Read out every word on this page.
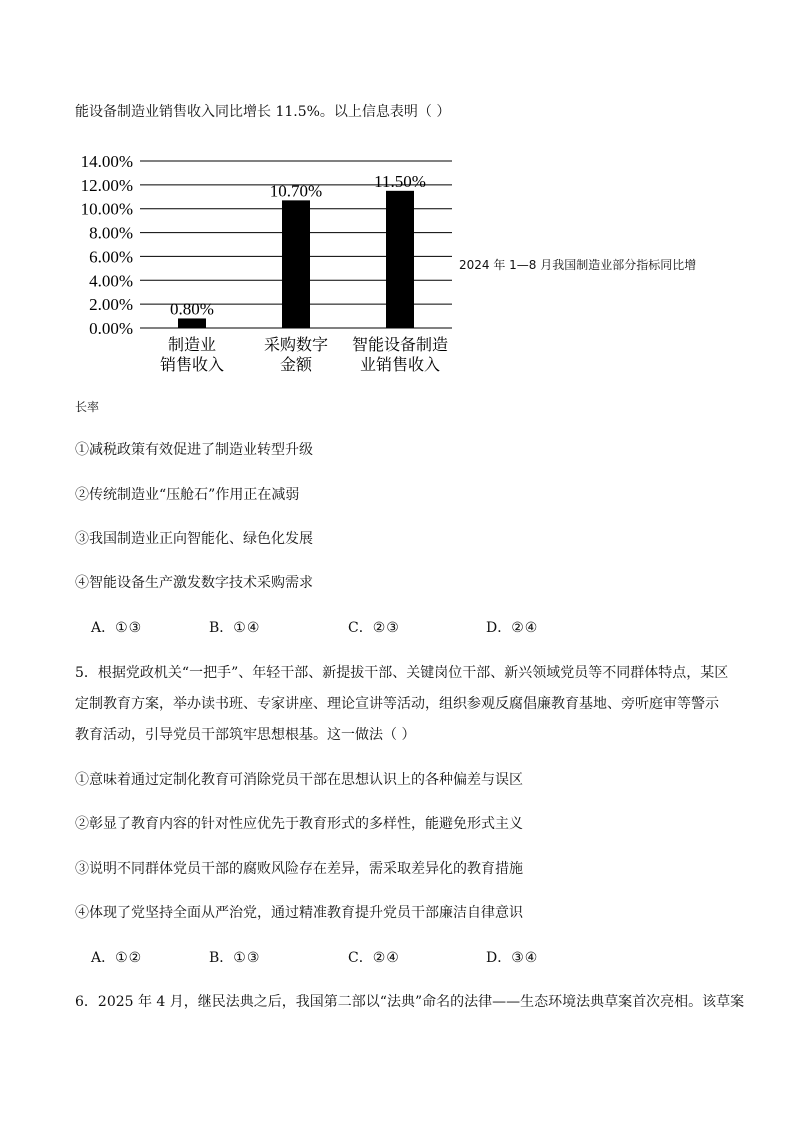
能设备制造业销售收入同比增长 11.5%。以上信息表明（ ）
0.00%
2.00%
4.00%
6.00%
8.00%
10.00%
12.00%
14.00%
0.80%
10.70%
11.50%
制造业
销售收入
采购数字
金额
智能设备制造
业销售收入
2024 年 1—8 月我国制造业部分指标同比增
长率
①减税政策有效促进了制造业转型升级
②传统制造业“压舱石”作用正在减弱
③我国制造业正向智能化、绿色化发展
④智能设备生产激发数字技术采购需求
A．①③	B．①④	C．②③	D．②④
5．根据党政机关“一把手”、年轻干部、新提拔干部、关键岗位干部、新兴领域党员等不同群体特点，某区
定制教育方案，举办读书班、专家讲座、理论宣讲等活动，组织参观反腐倡廉教育基地、旁听庭审等警示
教育活动，引导党员干部筑牢思想根基。这一做法（ ）
①意味着通过定制化教育可消除党员干部在思想认识上的各种偏差与误区
②彰显了教育内容的针对性应优先于教育形式的多样性，能避免形式主义
③说明不同群体党员干部的腐败风险存在差异，需采取差异化的教育措施
④体现了党坚持全面从严治党，通过精准教育提升党员干部廉洁自律意识
A．①②	B．①③	C．②④	D．③④
6．2025 年 4 月，继民法典之后，我国第二部以“法典”命名的法律——生态环境法典草案首次亮相。该草案
